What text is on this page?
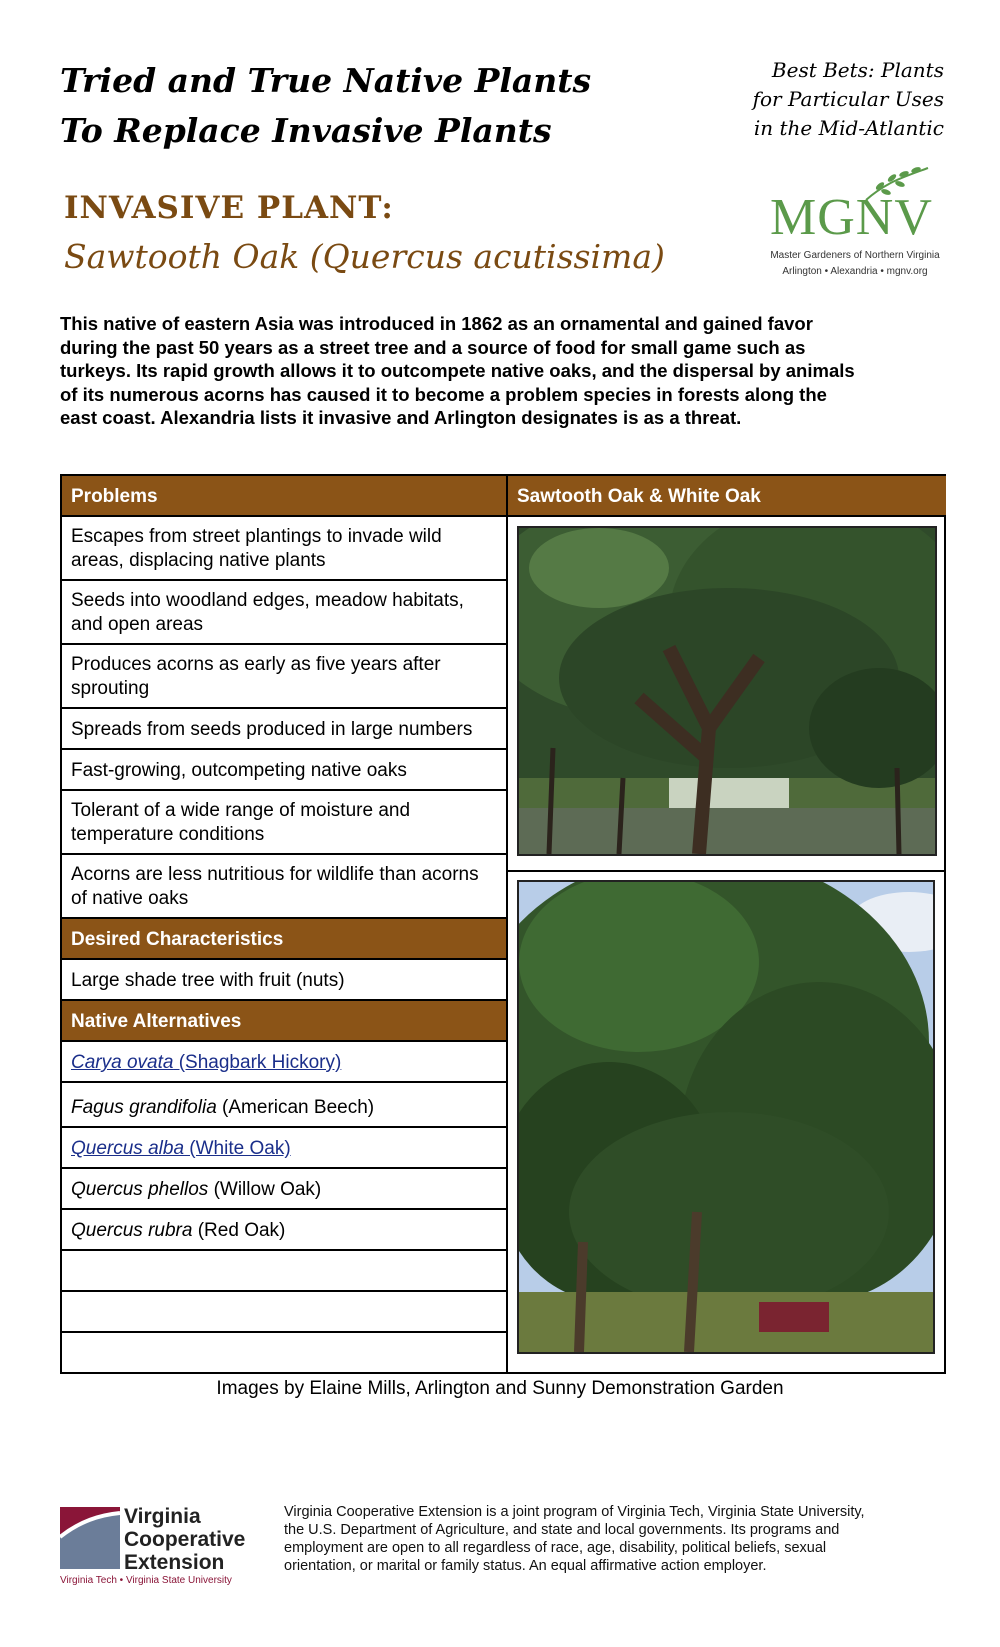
Tried and True Native Plants
To Replace Invasive Plants
Best Bets: Plants
for Particular Uses
in the Mid-Atlantic
INVASIVE PLANT:
Sawtooth Oak (Quercus acutissima)
MGNV
Master Gardeners of Northern Virginia
Arlington • Alexandria • mgnv.org
This native of eastern Asia was introduced in 1862 as an ornamental and gained favor during the past 50 years as a street tree and a source of food for small game such as turkeys. Its rapid growth allows it to outcompete native oaks, and the dispersal by animals of its numerous acorns has caused it to become a problem species in forests along the east coast. Alexandria lists it invasive and Arlington designates is as a threat.
Problems
Escapes from street plantings to invade wild areas, displacing native plants
Seeds into woodland edges, meadow habitats, and open areas
Produces acorns as early as five years after sprouting
Spreads from seeds produced in large numbers
Fast-growing, outcompeting native oaks
Tolerant of a wide range of moisture and temperature conditions
Acorns are less nutritious for wildlife than acorns of native oaks
Desired Characteristics
Large shade tree with fruit (nuts)
Native Alternatives
Carya ovata (Shagbark Hickory)
Fagus grandifolia (American Beech)
Quercus alba (White Oak)
Quercus phellos (Willow Oak)
Quercus rubra (Red Oak)
Sawtooth Oak & White Oak
Images by Elaine Mills, Arlington and Sunny Demonstration Garden
Virginia
Cooperative
Extension
Virginia Tech • Virginia State University
Virginia Cooperative Extension is a joint program of Virginia Tech, Virginia State University, the U.S. Department of Agriculture, and state and local governments. Its programs and employment are open to all regardless of race, age, disability, political beliefs, sexual orientation, or marital or family status. An equal affirmative action employer.
